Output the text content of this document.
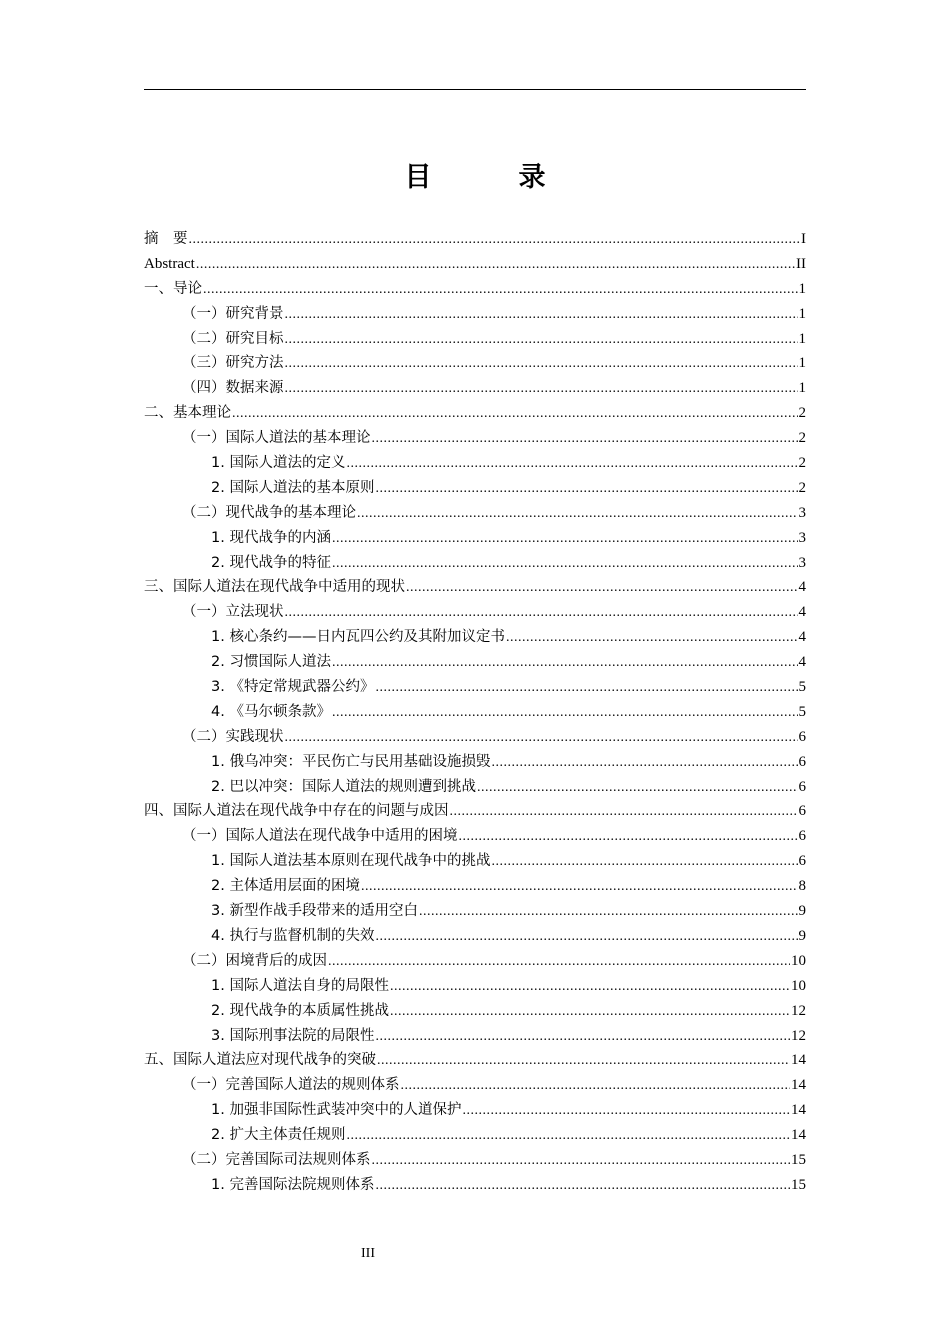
目　录
摘　要 .....	I
Abstract .....	II
一、导论 .....	1
（一）研究背景 .....	1
（二）研究目标 .....	1
（三）研究方法 .....	1
（四）数据来源 .....	1
二、基本理论 .....	2
（一）国际人道法的基本理论 .....	2
1. 国际人道法的定义 .....	2
2. 国际人道法的基本原则 .....	2
（二）现代战争的基本理论 .....	3
1. 现代战争的内涵 .....	3
2. 现代战争的特征 .....	3
三、国际人道法在现代战争中适用的现状 .....	4
（一）立法现状 .....	4
1. 核心条约——日内瓦四公约及其附加议定书 .....	4
2. 习惯国际人道法 .....	4
3. 《特定常规武器公约》 .....	5
4. 《马尔顿条款》 .....	5
（二）实践现状 .....	6
1. 俄乌冲突：平民伤亡与民用基础设施损毁 .....	6
2. 巴以冲突：国际人道法的规则遭到挑战 .....	6
四、国际人道法在现代战争中存在的问题与成因 .....	6
（一）国际人道法在现代战争中适用的困境 .....	6
1. 国际人道法基本原则在现代战争中的挑战 .....	6
2. 主体适用层面的困境 .....	8
3. 新型作战手段带来的适用空白 .....	9
4. 执行与监督机制的失效 .....	9
（二）困境背后的成因 .....	10
1. 国际人道法自身的局限性 .....	10
2. 现代战争的本质属性挑战 .....	12
3. 国际刑事法院的局限性 .....	12
五、国际人道法应对现代战争的突破 .....	14
（一）完善国际人道法的规则体系 .....	14
1. 加强非国际性武装冲突中的人道保护 .....	14
2. 扩大主体责任规则 .....	14
（二）完善国际司法规则体系 .....	15
1. 完善国际法院规则体系 .....	15
III
